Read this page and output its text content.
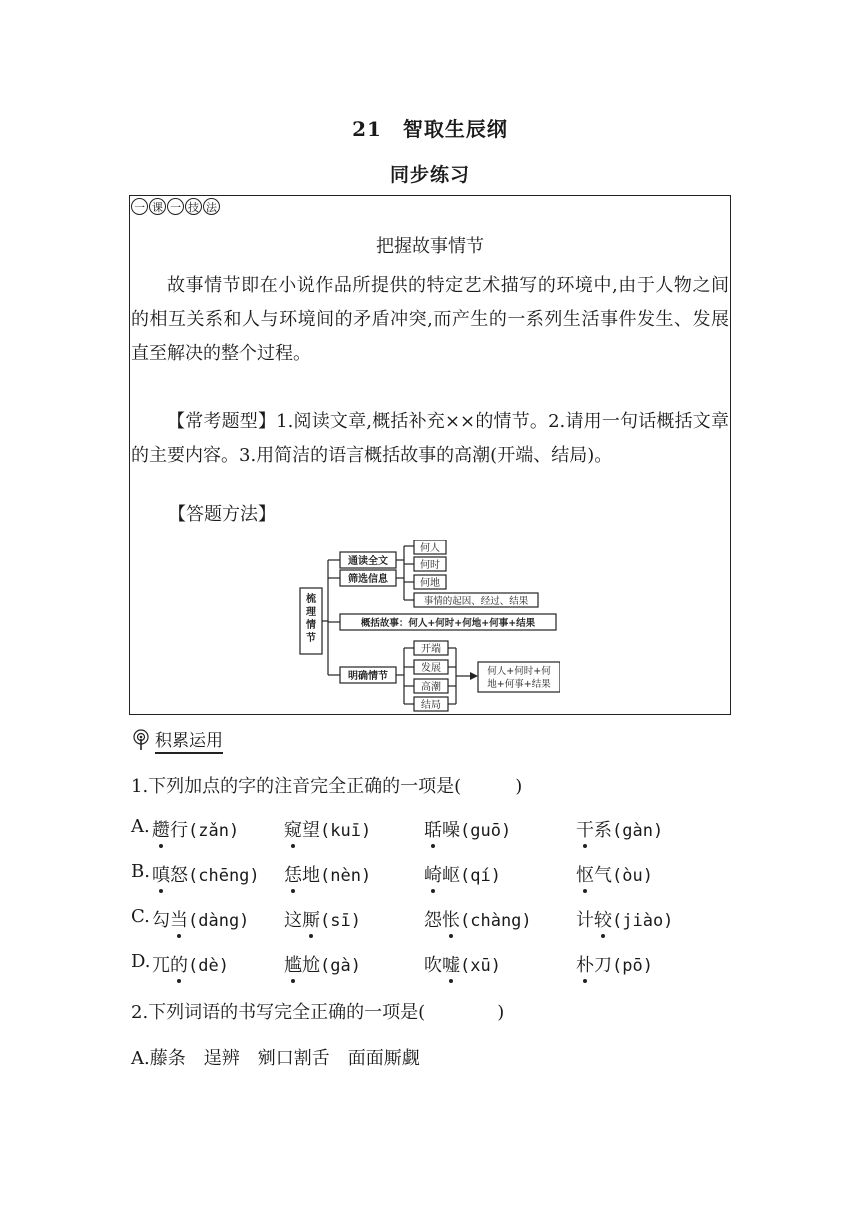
21　智取生辰纲
同步练习
一 课 一 技 法
把握故事情节
故事情节即在小说作品所提供的特定艺术描写的环境中,由于人物之间的相互关系和人与环境间的矛盾冲突,而产生的一系列生活事件发生、发展直至解决的整个过程。
【常考题型】1.阅读文章,概括补充××的情节。2.请用一句话概括文章的主要内容。3.用简洁的语言概括故事的高潮(开端、结局)。
【答题方法】
梳理情节
通读全文
筛选信息
何人
何时
何地
事情的起因、经过、结果
概括故事：何人+何时+何地+何事+结果
明确情节
开端
发展
高潮
结局
何人+何时+何
地+何事+结果
积累运用
1.下列加点的字的注音完全正确的一项是(　　　)
A. 趱行(zǎn) 窥望(kuī)	聒噪(guō)	干系(gàn)
B. 嗔怒(chēng) 恁地(nèn)	崎岖(qí)	怄气(òu)
C. 勾当(dàng) 这厮(sī)	怨怅(chàng) 计较(jiào)
D. 兀的(dè)	尴尬(gà)	吹嘘(xū)	朴刀(pō)
2.下列词语的书写完全正确的一项是(　　　　)
A.藤条　逞辨　剜口割舌　面面厮觑
